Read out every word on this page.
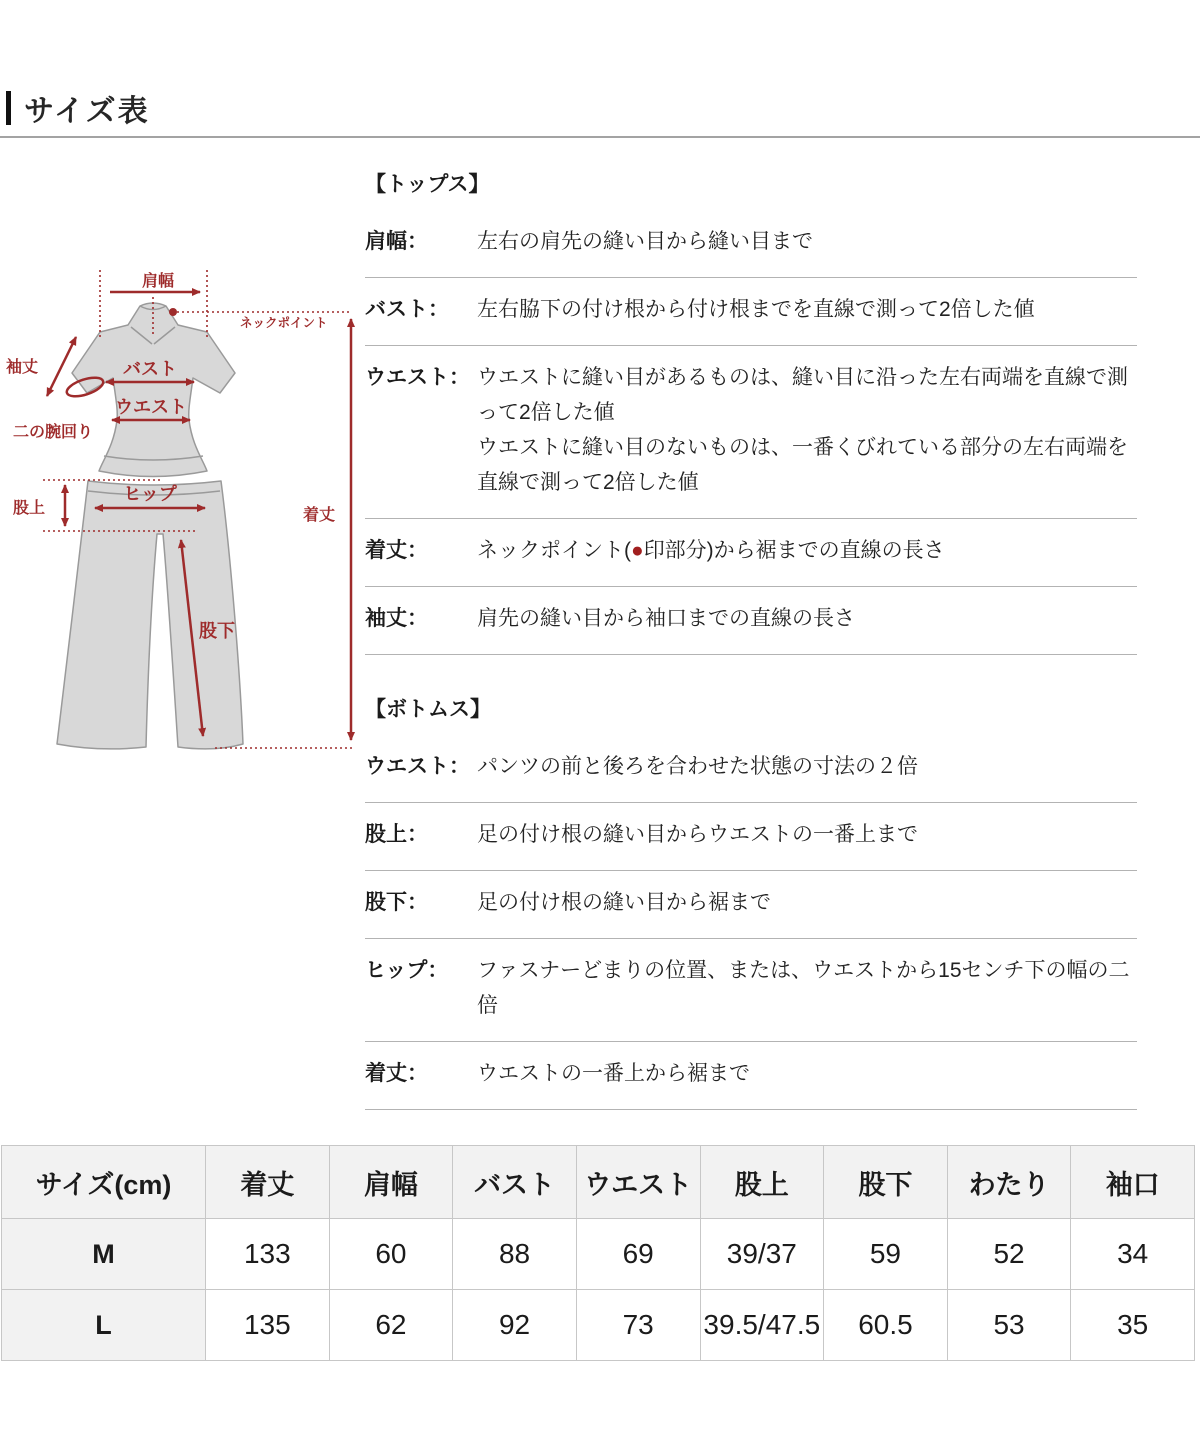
サイズ表
肩幅
ネックポイント
袖丈
二の腕回り
バスト
ウエスト
股上
ヒップ
股下
着丈
【トップス】
肩幅：	左右の肩先の縫い目から縫い目まで
バスト：	左右脇下の付け根から付け根までを直線で測って2倍した値
ウエスト： ウエストに縫い目があるものは、縫い目に沿った左右両端を直線で測って2倍した値
ウエストに縫い目のないものは、一番くびれている部分の左右両端を直線で測って2倍した値
着丈：	ネックポイント(●印部分)から裾までの直線の長さ
袖丈：	肩先の縫い目から袖口までの直線の長さ
【ボトムス】
ウエスト： パンツの前と後ろを合わせた状態の寸法の２倍
股上：	足の付け根の縫い目からウエストの一番上まで
股下：	足の付け根の縫い目から裾まで
ヒップ：	ファスナーどまりの位置、または、ウエストから15センチ下の幅の二倍
着丈：	ウエストの一番上から裾まで
サイズ(cm)	着丈	肩幅	バスト	ウエスト	股上	股下	わたり	袖口
M	133	60	88	69	39/37	59	52	34
L	135	62	92	73	39.5/47.5	60.5	53	35
